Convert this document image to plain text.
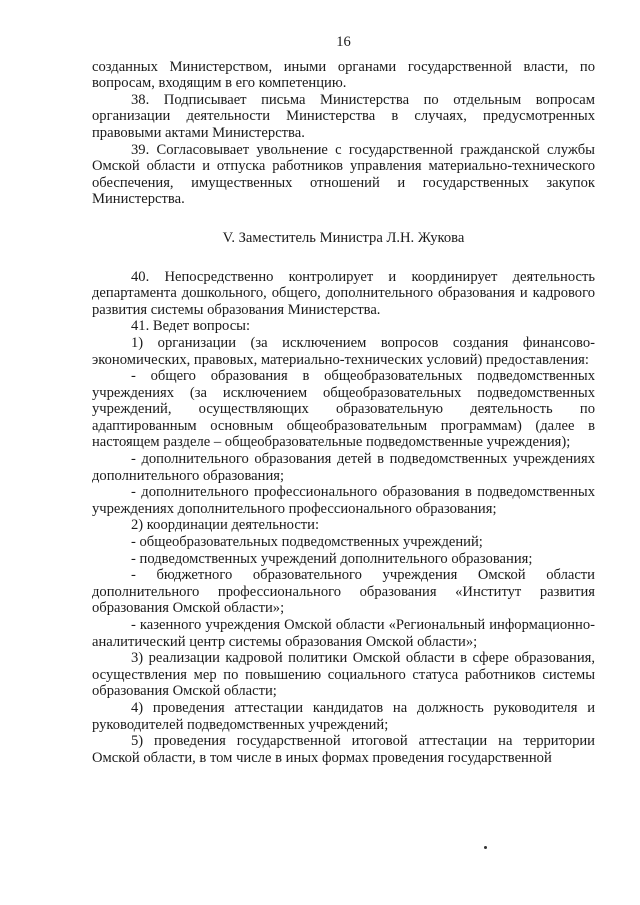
16

созданных Министерством, иными органами государственной власти, по вопросам, входящим в его компетенцию.

38. Подписывает письма Министерства по отдельным вопросам организации деятельности Министерства в случаях, предусмотренных правовыми актами Министерства.

39. Согласовывает увольнение с государственной гражданской службы Омской области и отпуска работников управления материально-технического обеспечения, имущественных отношений и государственных закупок Министерства.

V. Заместитель Министра Л.Н. Жукова

40. Непосредственно контролирует и координирует деятельность департамента дошкольного, общего, дополнительного образования и кадрового развития системы образования Министерства.

41. Ведет вопросы:

1) организации (за исключением вопросов создания финансово-экономических, правовых, материально-технических условий) предоставления:

- общего образования в общеобразовательных подведомственных учреждениях (за исключением общеобразовательных подведомственных учреждений, осуществляющих образовательную деятельность по адаптированным основным общеобразовательным программам) (далее в настоящем разделе – общеобразовательные подведомственные учреждения);

- дополнительного образования детей в подведомственных учреждениях дополнительного образования;

- дополнительного профессионального образования в подведомственных учреждениях дополнительного профессионального образования;

2) координации деятельности:

- общеобразовательных подведомственных учреждений;

- подведомственных учреждений дополнительного образования;

- бюджетного образовательного учреждения Омской области дополнительного профессионального образования «Институт развития образования Омской области»;

- казенного учреждения Омской области «Региональный информационно-аналитический центр системы образования Омской области»;

3) реализации кадровой политики Омской области в сфере образования, осуществления мер по повышению социального статуса работников системы образования Омской области;

4) проведения аттестации кандидатов на должность руководителя и руководителей подведомственных учреждений;

5) проведения государственной итоговой аттестации на территории Омской области, в том числе в иных формах проведения государственной
